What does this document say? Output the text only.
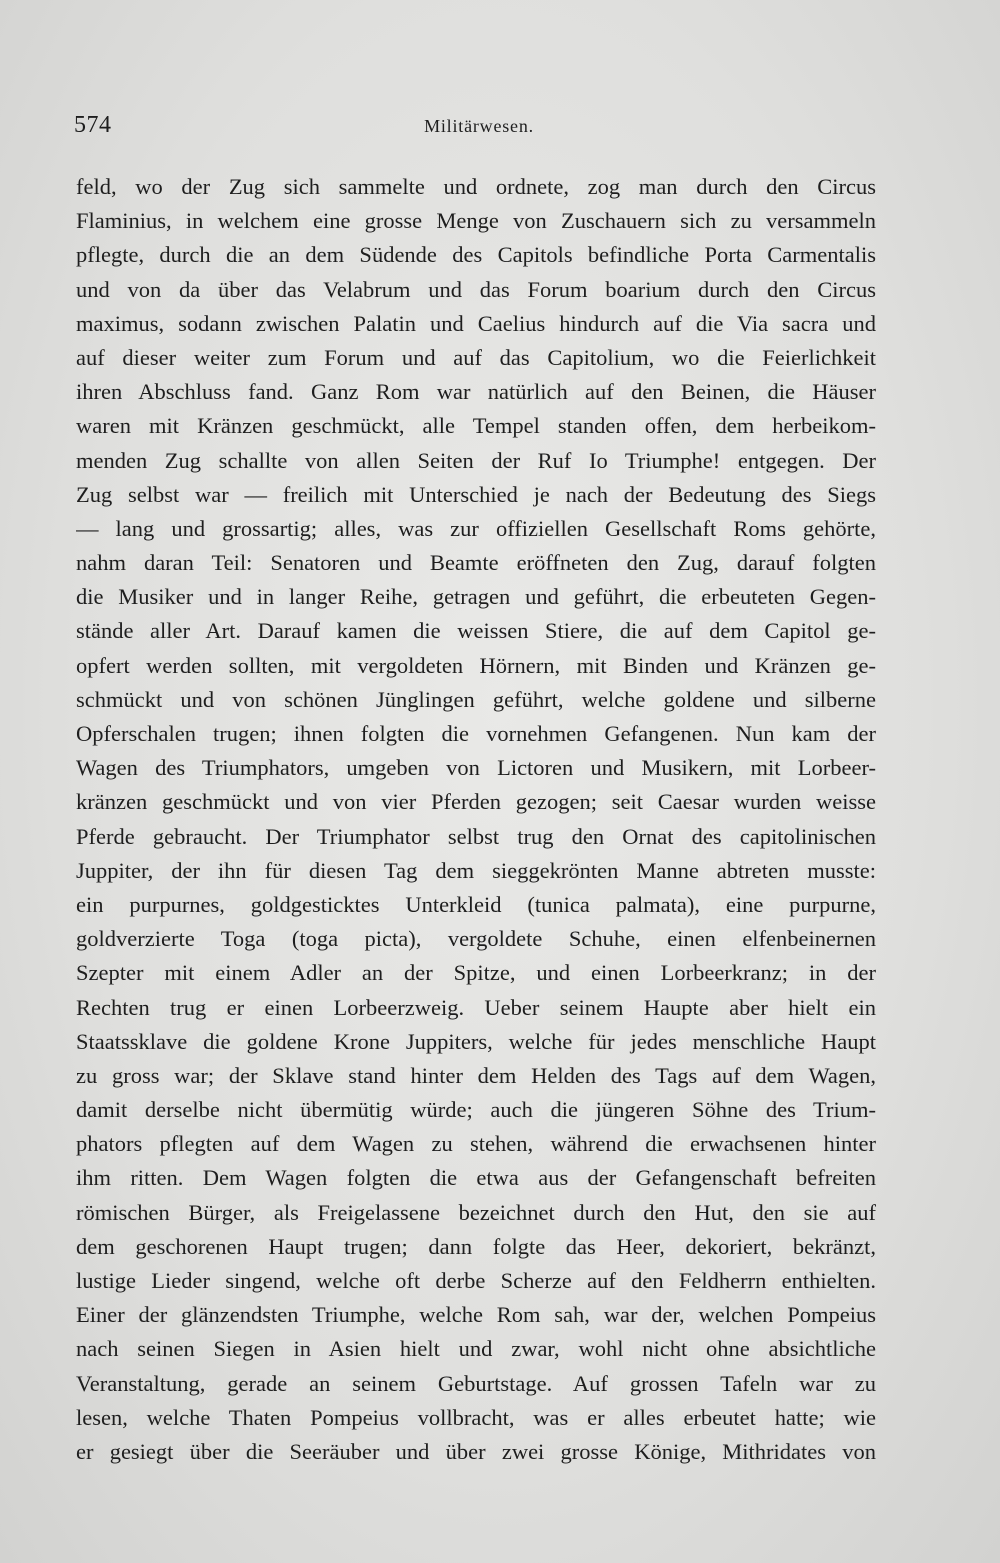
574	Militärwesen.
feld, wo der Zug sich sammelte und ordnete, zog man durch den Circus
Flaminius, in welchem eine grosse Menge von Zuschauern sich zu versammeln
pflegte, durch die an dem Südende des Capitols befindliche Porta Carmentalis
und von da über das Velabrum und das Forum boarium durch den Circus
maximus, sodann zwischen Palatin und Caelius hindurch auf die Via sacra und
auf dieser weiter zum Forum und auf das Capitolium, wo die Feierlichkeit
ihren Abschluss fand. Ganz Rom war natürlich auf den Beinen, die Häuser
waren mit Kränzen geschmückt, alle Tempel standen offen, dem herbeikom-
menden Zug schallte von allen Seiten der Ruf Io Triumphe! entgegen. Der
Zug selbst war — freilich mit Unterschied je nach der Bedeutung des Siegs
— lang und grossartig; alles, was zur offiziellen Gesellschaft Roms gehörte,
nahm daran Teil: Senatoren und Beamte eröffneten den Zug, darauf folgten
die Musiker und in langer Reihe, getragen und geführt, die erbeuteten Gegen-
stände aller Art. Darauf kamen die weissen Stiere, die auf dem Capitol ge-
opfert werden sollten, mit vergoldeten Hörnern, mit Binden und Kränzen ge-
schmückt und von schönen Jünglingen geführt, welche goldene und silberne
Opferschalen trugen; ihnen folgten die vornehmen Gefangenen. Nun kam der
Wagen des Triumphators, umgeben von Lictoren und Musikern, mit Lorbeer-
kränzen geschmückt und von vier Pferden gezogen; seit Caesar wurden weisse
Pferde gebraucht. Der Triumphator selbst trug den Ornat des capitolinischen
Juppiter, der ihn für diesen Tag dem sieggekrönten Manne abtreten musste:
ein purpurnes, goldgesticktes Unterkleid (tunica palmata), eine purpurne,
goldverzierte Toga (toga picta), vergoldete Schuhe, einen elfenbeinernen
Szepter mit einem Adler an der Spitze, und einen Lorbeerkranz; in der
Rechten trug er einen Lorbeerzweig. Ueber seinem Haupte aber hielt ein
Staatssklave die goldene Krone Juppiters, welche für jedes menschliche Haupt
zu gross war; der Sklave stand hinter dem Helden des Tags auf dem Wagen,
damit derselbe nicht übermütig würde; auch die jüngeren Söhne des Trium-
phators pflegten auf dem Wagen zu stehen, während die erwachsenen hinter
ihm ritten. Dem Wagen folgten die etwa aus der Gefangenschaft befreiten
römischen Bürger, als Freigelassene bezeichnet durch den Hut, den sie auf
dem geschorenen Haupt trugen; dann folgte das Heer, dekoriert, bekränzt,
lustige Lieder singend, welche oft derbe Scherze auf den Feldherrn enthielten.
Einer der glänzendsten Triumphe, welche Rom sah, war der, welchen Pompeius
nach seinen Siegen in Asien hielt und zwar, wohl nicht ohne absichtliche
Veranstaltung, gerade an seinem Geburtstage. Auf grossen Tafeln war zu
lesen, welche Thaten Pompeius vollbracht, was er alles erbeutet hatte; wie
er gesiegt über die Seeräuber und über zwei grosse Könige, Mithridates von
